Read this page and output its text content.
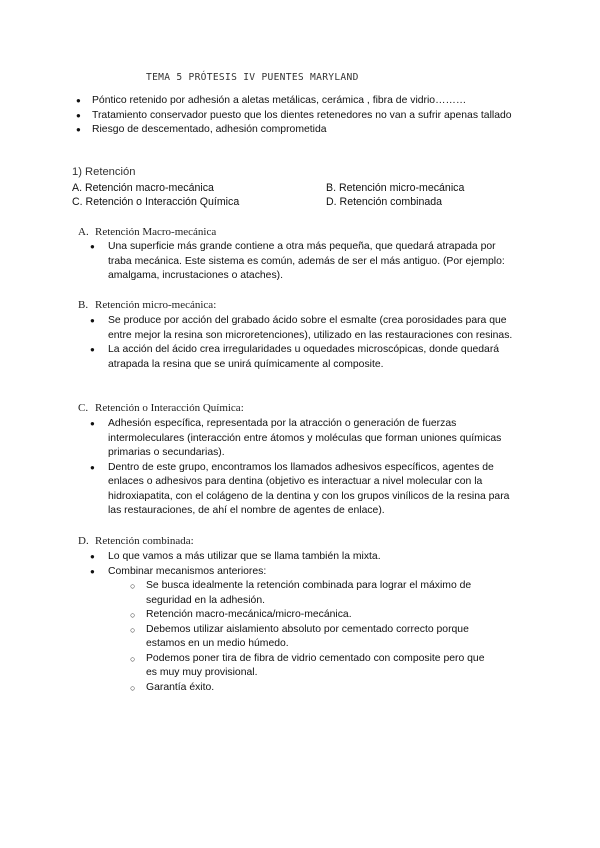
TEMA 5 PRÓTESIS IV PUENTES MARYLAND
● Póntico retenido por adhesión a aletas metálicas, cerámica , fibra de vidrio………
● Tratamiento conservador puesto que los dientes retenedores no van a sufrir apenas tallado
● Riesgo de descementado, adhesión comprometida
1) Retención
A. Retención macro-mecánica	B. Retención micro-mecánica
C. Retención o Interacción Química	D. Retención combinada
A. Retención Macro-mecánica
● Una superficie más grande contiene a otra más pequeña, que quedará atrapada por traba mecánica. Este sistema es común, además de ser el más antiguo. (Por ejemplo: amalgama, incrustaciones o ataches).
B. Retención micro-mecánica:
● Se produce por acción del grabado ácido sobre el esmalte (crea porosidades para que entre mejor la resina son microretenciones), utilizado en las restauraciones con resinas.
● La acción del ácido crea irregularidades u oquedades microscópicas, donde quedará atrapada la resina que se unirá químicamente al composite.
C. Retención o Interacción Química:
● Adhesión específica, representada por la atracción o generación de fuerzas intermoleculares (interacción entre átomos y moléculas que forman uniones químicas primarias o secundarias).
● Dentro de este grupo, encontramos los llamados adhesivos específicos, agentes de enlaces o adhesivos para dentina (objetivo es interactuar a nivel molecular con la hidroxiapatita, con el colágeno de la dentina y con los grupos vinílicos de la resina para las restauraciones, de ahí el nombre de agentes de enlace).
D. Retención combinada:
● Lo que vamos a más utilizar que se llama también la mixta.
● Combinar mecanismos anteriores:
○ Se busca idealmente la retención combinada para lograr el máximo de seguridad en la adhesión.
○ Retención macro-mecánica/micro-mecánica.
○ Debemos utilizar aislamiento absoluto por cementado correcto porque estamos en un medio húmedo.
○ Podemos poner tira de fibra de vidrio cementado con composite pero que es muy muy provisional.
○ Garantía éxito.
